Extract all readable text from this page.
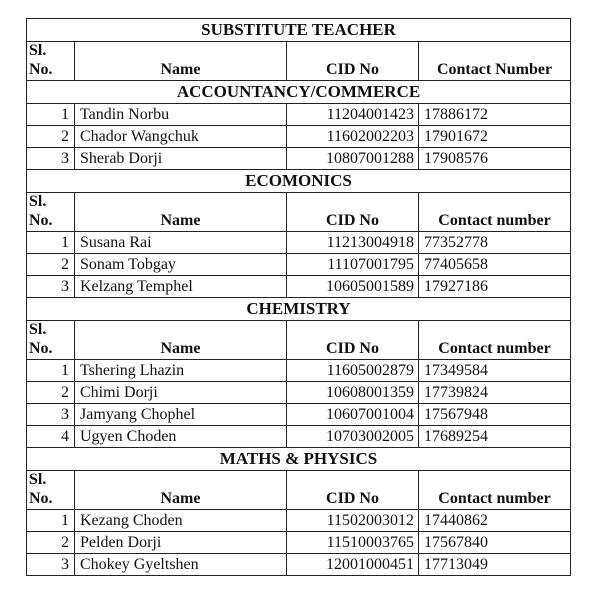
SUBSTITUTE TEACHER			
Sl.			
No.	Name	CID No	Contact Number
ACCOUNTANCY/COMMERCE			
1	Tandin Norbu	11204001423	17886172
2	Chador Wangchuk	11602002203	17901672
3	Sherab Dorji	10807001288	17908576
ECOMONICS			
Sl.			
No.	Name	CID No	Contact number
1	Susana Rai	11213004918	77352778
2	Sonam Tobgay	11107001795	77405658
3	Kelzang Temphel	10605001589	17927186
CHEMISTRY			
Sl.			
No.	Name	CID No	Contact number
1	Tshering Lhazin	11605002879	17349584
2	Chimi Dorji	10608001359	17739824
3	Jamyang Chophel	10607001004	17567948
4	Ugyen Choden	10703002005	17689254
MATHS & PHYSICS			
Sl.			
No.	Name	CID No	Contact number
1	Kezang Choden	11502003012	17440862
2	Pelden Dorji	11510003765	17567840
3	Chokey Gyeltshen	12001000451	17713049
